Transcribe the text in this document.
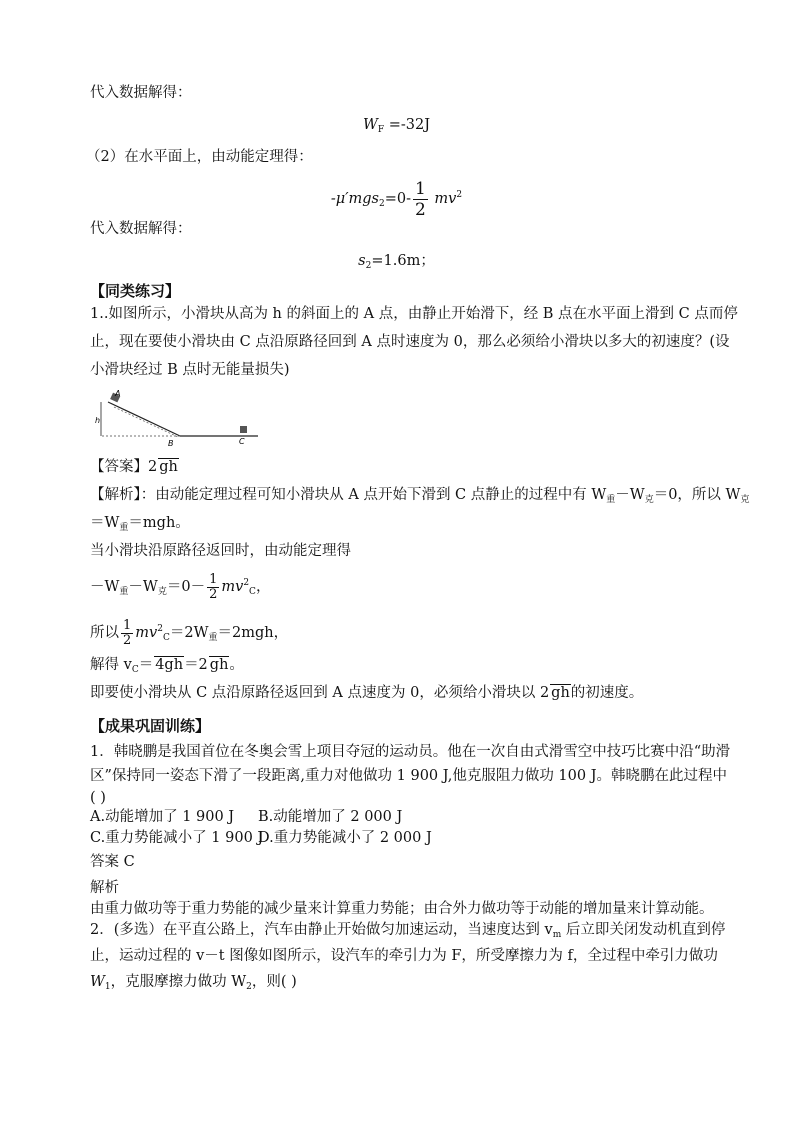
代入数据解得：
$W_F =-32J$
（2）在水平面上，由动能定理得：
$-\mu'mgs_2=0- \frac{1}{2} mv^2$
代入数据解得：
$s_2=1.6m$；
【同类练习】
1..如图所示，小滑块从高为 h 的斜面上的 A 点，由静止开始滑下，经 B 点在水平面上滑到 C 点而停
止，现在要使小滑块由 C 点沿原路径回到 A 点时速度为 0，那么必须给小滑块以多大的初速度？(设
小滑块经过 B 点时无能量损失)
A
h
B	C
【答案】2 gh
【解析】：由动能定理过程可知小滑块从 A 点开始下滑到 C 点静止的过程中有 $W_重-W_克=0$，所以 $W_克$
$=W_重=mgh$。
当小滑块沿原路径返回时，由动能定理得
$-W_重-W_克=0- \frac{1}{2} mv^2_C$，
所以 $\frac{1}{2} mv^2_C=2W_重=2mgh$，
解得 $v_C= 4gh=2$ gh。
即要使小滑块从 C 点沿原路径返回到 A 点速度为 0，必须给小滑块以 2 gh的初速度。
【成果巩固训练】
1．韩晓鹏是我国首位在冬奥会雪上项目夺冠的运动员。他在一次自由式滑雪空中技巧比赛中沿“助滑
区”保持同一姿态下滑了一段距离,重力对他做功 1 900 J,他克服阻力做功 100 J。韩晓鹏在此过程中
( )
A.动能增加了 1 900 J B.动能增加了 2 000 J
C.重力势能减小了 1 900 J
D.重力势能减小了 2 000 J
答案 C
解析
由重力做功等于重力势能的减少量来计算重力势能；由合外力做功等于动能的增加量来计算动能。
2．(多选）在平直公路上，汽车由静止开始做匀加速运动，当速度达到 $v_m$ 后立即关闭发动机直到停
止，运动过程的 v－t 图像如图所示，设汽车的牵引力为 F，所受摩擦力为 f，全过程中牵引力做功
$W_1$，克服摩擦力做功 $W_2$，则( )
